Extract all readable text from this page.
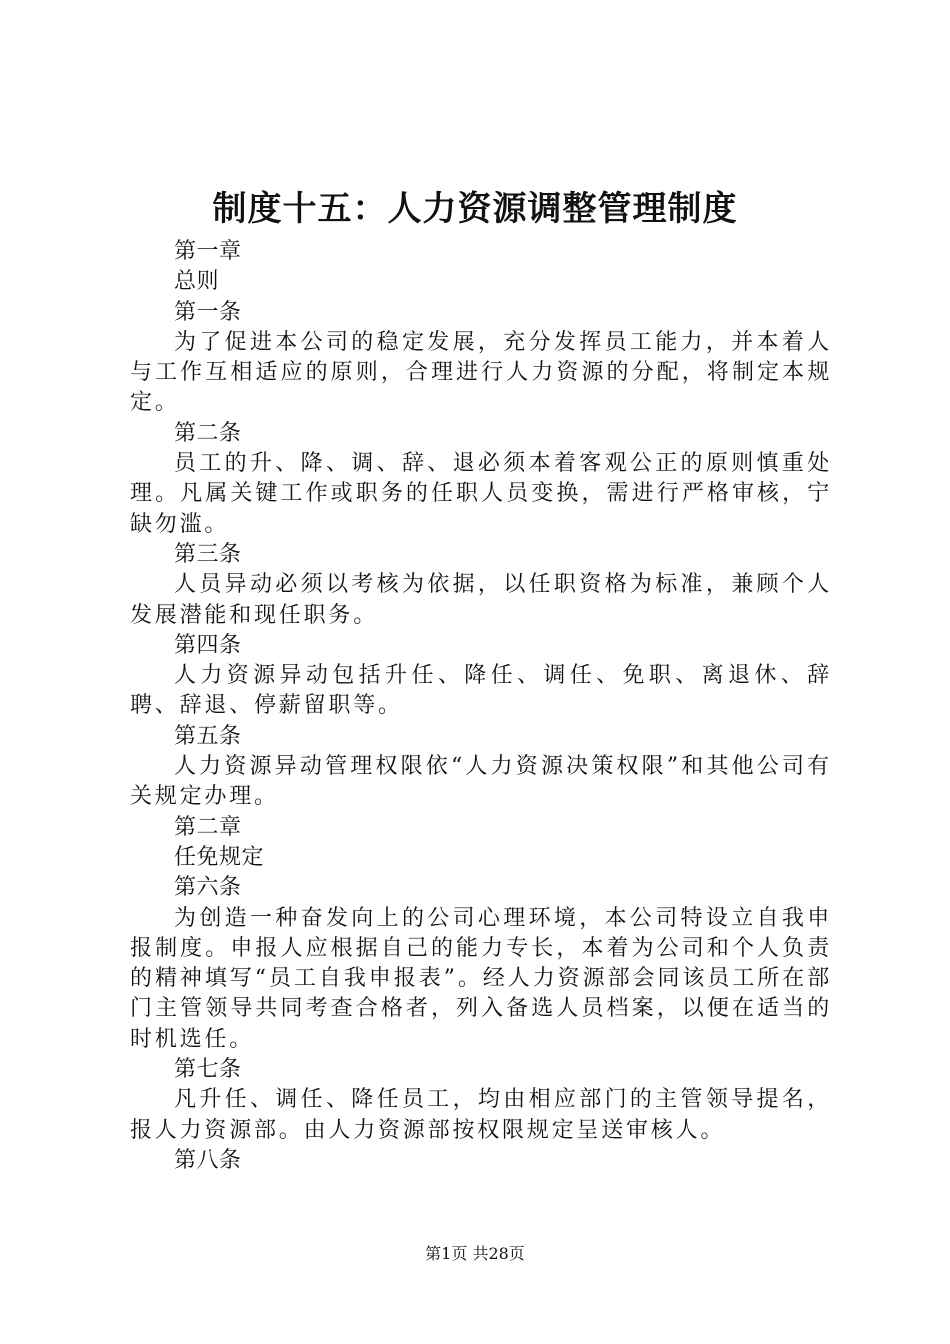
制度十五：人力资源调整管理制度

第一章

总则

第一条

为了促进本公司的稳定发展，充分发挥员工能力，并本着人与工作互相适应的原则，合理进行人力资源的分配，将制定本规定。

第二条

员工的升、降、调、辞、退必须本着客观公正的原则慎重处理。凡属关键工作或职务的任职人员变换，需进行严格审核，宁缺勿滥。

第三条

人员异动必须以考核为依据，以任职资格为标准，兼顾个人发展潜能和现任职务。

第四条

人力资源异动包括升任、降任、调任、免职、离退休、辞聘、辞退、停薪留职等。

第五条

人力资源异动管理权限依“人力资源决策权限”和其他公司有关规定办理。

第二章

任免规定

第六条

为创造一种奋发向上的公司心理环境，本公司特设立自我申报制度。申报人应根据自己的能力专长，本着为公司和个人负责的精神填写“员工自我申报表”。经人力资源部会同该员工所在部门主管领导共同考查合格者，列入备选人员档案，以便在适当的时机选任。

第七条

凡升任、调任、降任员工，均由相应部门的主管领导提名，报人力资源部。由人力资源部按权限规定呈送审核人。

第八条

第1页 共28页
